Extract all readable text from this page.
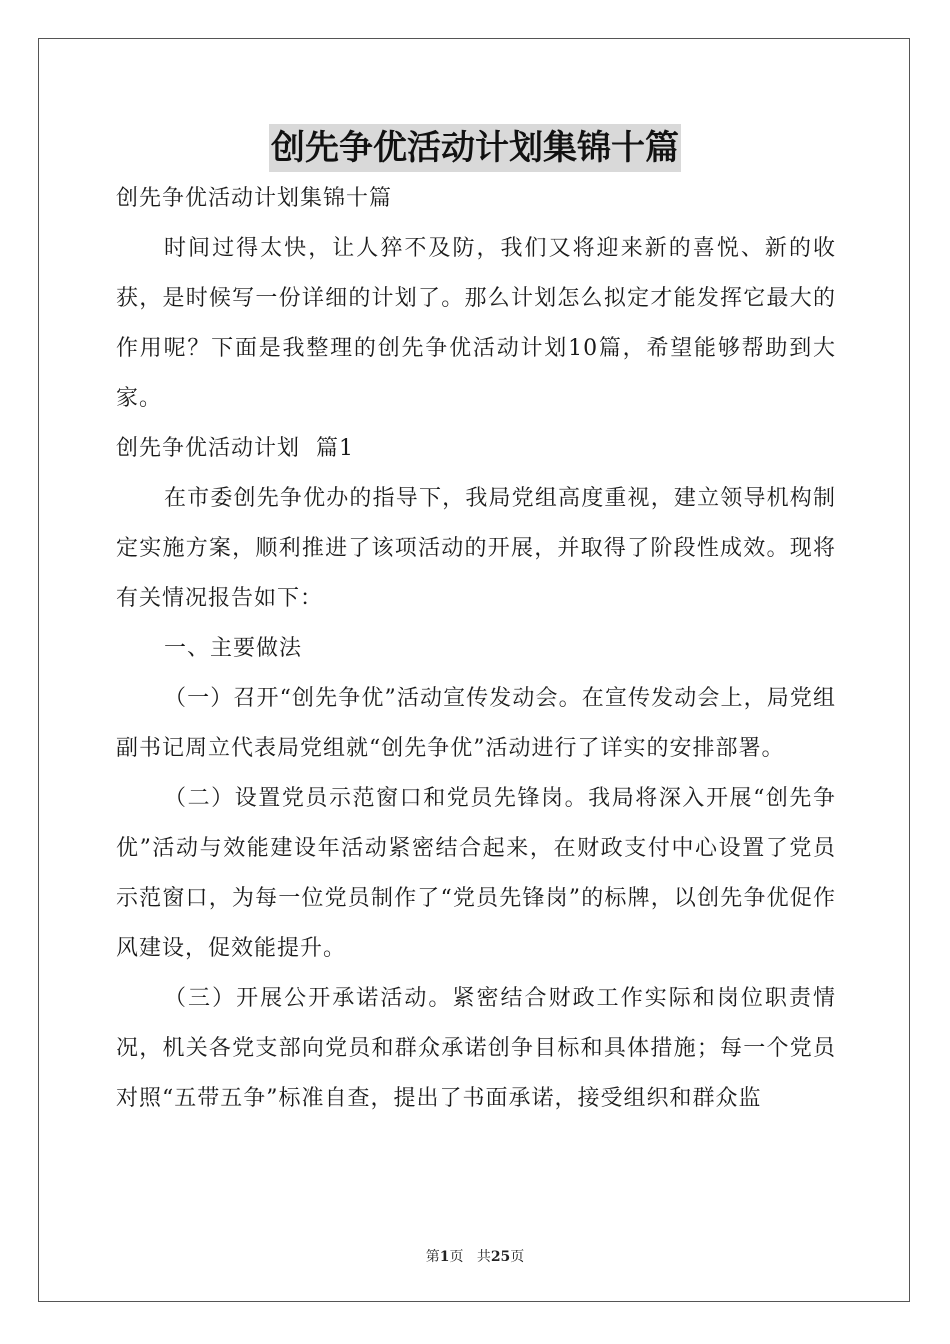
创先争优活动计划集锦十篇

创先争优活动计划集锦十篇

时间过得太快，让人猝不及防，我们又将迎来新的喜悦、新的收获，是时候写一份详细的计划了。那么计划怎么拟定才能发挥它最大的作用呢？下面是我整理的创先争优活动计划10篇，希望能够帮助到大家。

创先争优活动计划  篇1

在市委创先争优办的指导下，我局党组高度重视，建立领导机构制定实施方案，顺利推进了该项活动的开展，并取得了阶段性成效。现将有关情况报告如下：

一、主要做法

（一）召开“创先争优”活动宣传发动会。在宣传发动会上，局党组副书记周立代表局党组就“创先争优”活动进行了详实的安排部署。

（二）设置党员示范窗口和党员先锋岗。我局将深入开展“创先争优”活动与效能建设年活动紧密结合起来，在财政支付中心设置了党员示范窗口，为每一位党员制作了“党员先锋岗”的标牌，以创先争优促作风建设，促效能提升。

（三）开展公开承诺活动。紧密结合财政工作实际和岗位职责情况，机关各党支部向党员和群众承诺创争目标和具体措施；每一个党员对照“五带五争”标准自查，提出了书面承诺，接受组织和群众监

第1页 共25页
